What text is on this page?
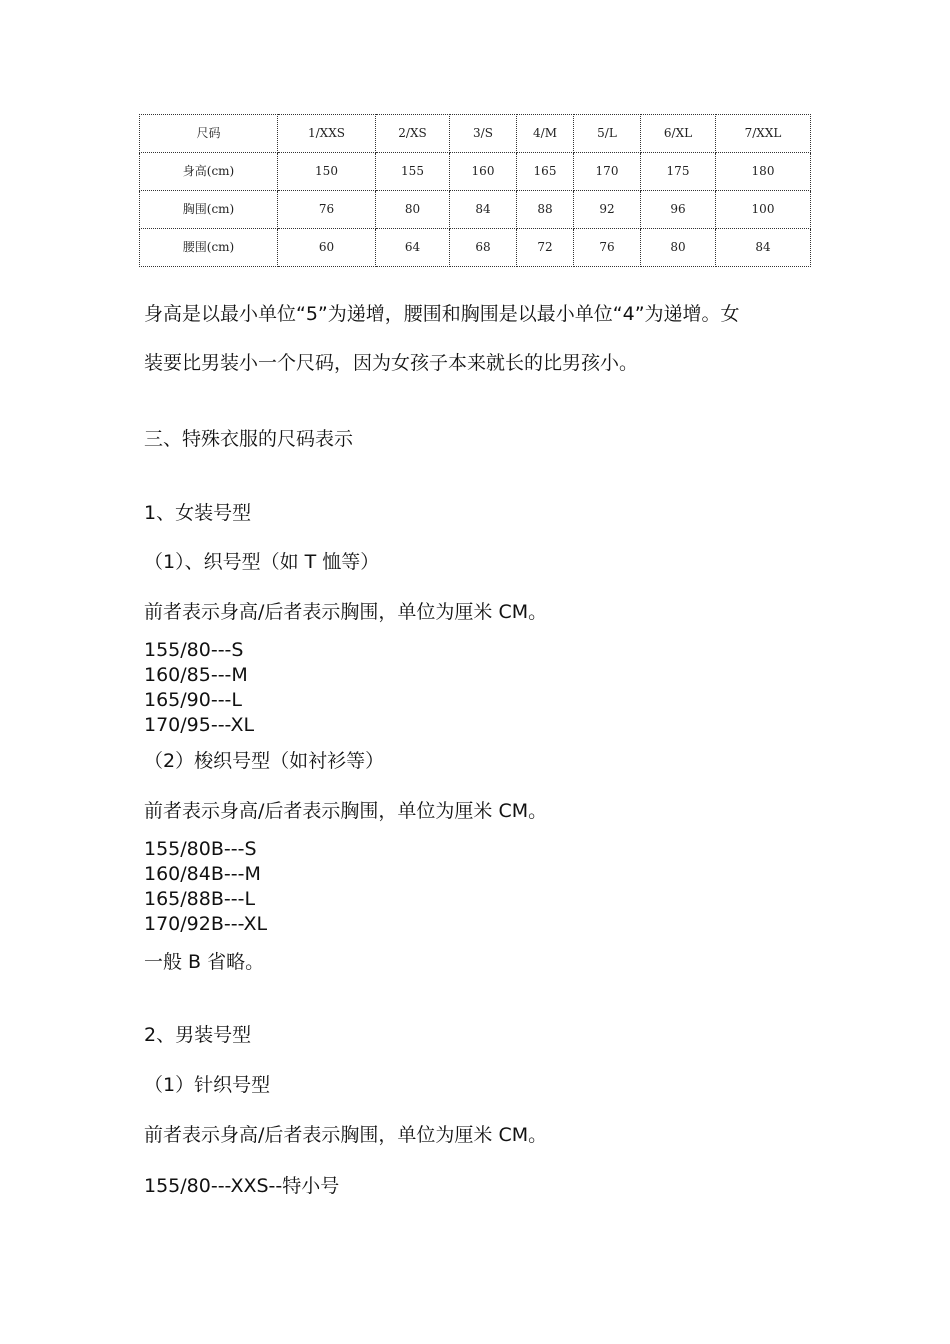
尺码	1/XXS	2/XS	3/S	4/M	5/L	6/XL	7/XXL
身高(cm)	150	155	160	165	170	175	180
胸围(cm)	76	80	84	88	92	96	100
腰围(cm)	60	64	68	72	76	80	84
身高是以最小单位“5”为递增，腰围和胸围是以最小单位“4”为递增。女
装要比男装小一个尺码，因为女孩子本来就长的比男孩小。
三、特殊衣服的尺码表示
1、女装号型
（1）、织号型（如 T 恤等）
前者表示身高/后者表示胸围，单位为厘米 CM。
155/80---S
160/85---M
165/90---L
170/95---XL
（2）梭织号型（如衬衫等）
前者表示身高/后者表示胸围，单位为厘米 CM。
155/80B---S
160/84B---M
165/88B---L
170/92B---XL
一般 B 省略。
2、男装号型
（1）针织号型
前者表示身高/后者表示胸围，单位为厘米 CM。
155/80---XXS--特小号
